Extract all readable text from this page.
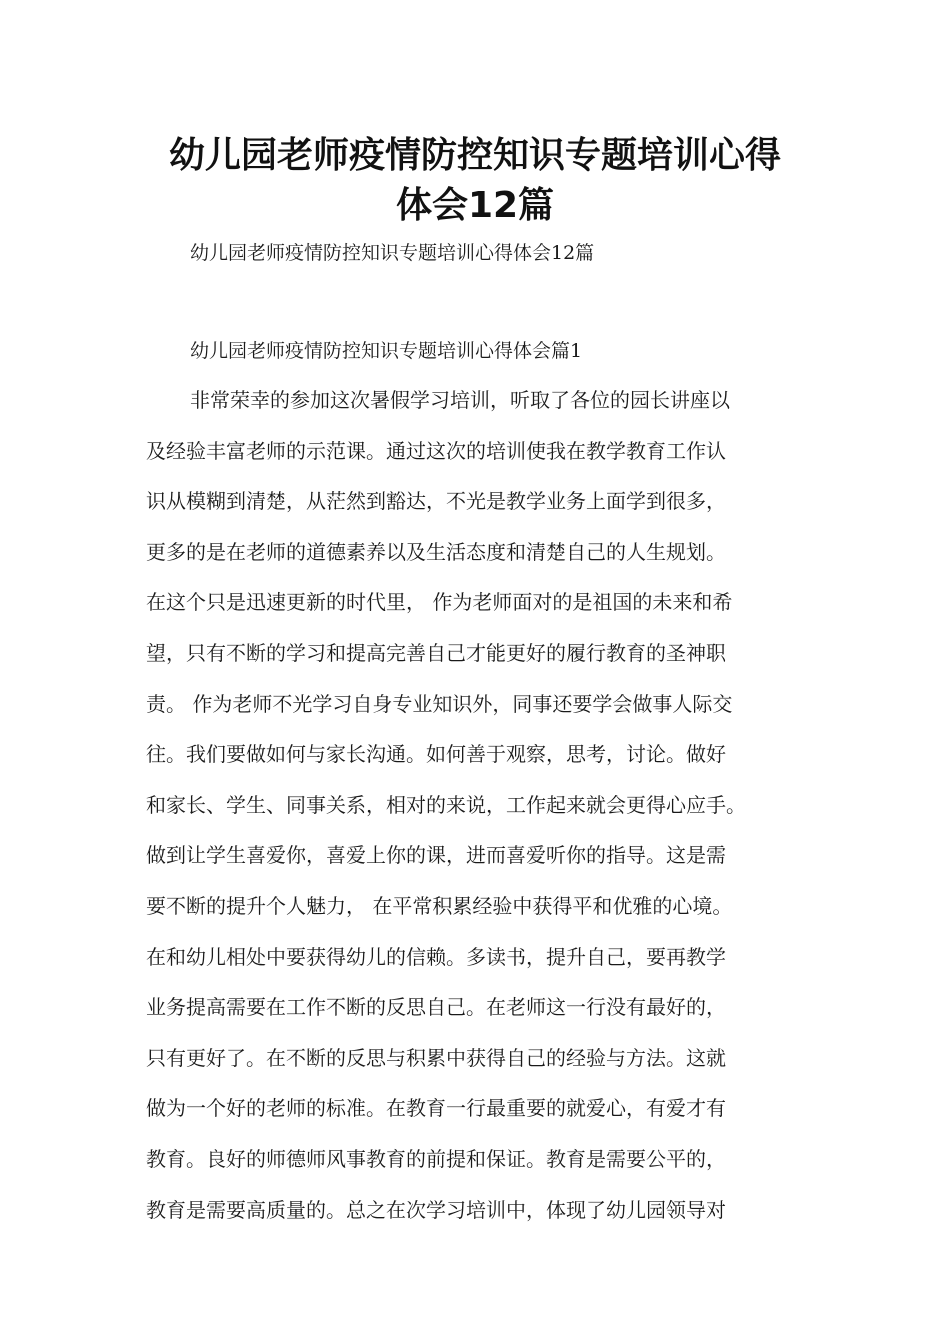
幼儿园老师疫情防控知识专题培训心得
体会12篇

幼儿园老师疫情防控知识专题培训心得体会12篇

幼儿园老师疫情防控知识专题培训心得体会篇1

非常荣幸的参加这次暑假学习培训，听取了各位的园长讲座以
及经验丰富老师的示范课。通过这次的培训使我在教学教育工作认
识从模糊到清楚，从茫然到豁达，不光是教学业务上面学到很多，
更多的是在老师的道德素养以及生活态度和清楚自己的人生规划。
在这个只是迅速更新的时代里， 作为老师面对的是祖国的未来和希
望，只有不断的学习和提高完善自己才能更好的履行教育的圣神职
责。 作为老师不光学习自身专业知识外，同事还要学会做事人际交
往。我们要做如何与家长沟通。如何善于观察，思考，讨论。做好
和家长、学生、同事关系，相对的来说，工作起来就会更得心应手。
做到让学生喜爱你，喜爱上你的课，进而喜爱听你的指导。这是需
要不断的提升个人魅力， 在平常积累经验中获得平和优雅的心境。
在和幼儿相处中要获得幼儿的信赖。多读书，提升自己，要再教学
业务提高需要在工作不断的反思自己。在老师这一行没有最好的，
只有更好了。在不断的反思与积累中获得自己的经验与方法。这就
做为一个好的老师的标准。在教育一行最重要的就爱心，有爱才有
教育。良好的师德师风事教育的前提和保证。教育是需要公平的，
教育是需要高质量的。总之在次学习培训中，体现了幼儿园领导对
